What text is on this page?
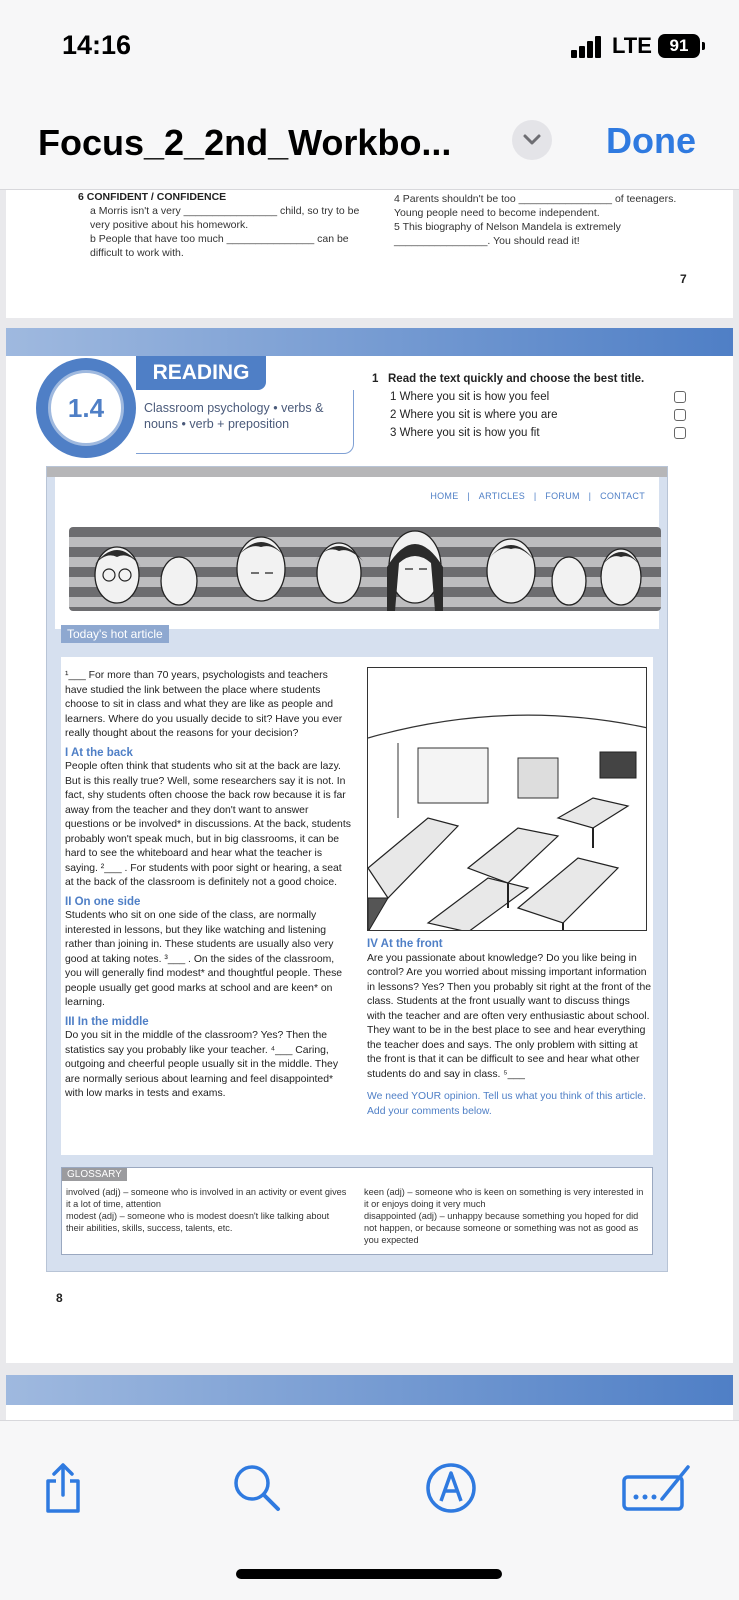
14:16	LTE	91
Focus_2_2nd_Workbo...	Done
6 CONFIDENT / CONFIDENCE
a Morris isn't a very ________________ child, so try to be very positive about his homework.
b People that have too much _______________ can be difficult to work with.
4 Parents shouldn't be too ________________ of teenagers. Young people need to become independent.
5 This biography of Nelson Mandela is extremely ________________. You should read it!
7
1.4
READING
Classroom psychology • verbs & nouns • verb + preposition
1 Read the text quickly and choose the best title.
1 Where you sit is how you feel
2 Where you sit is where you are
3 Where you sit is how you fit
HOME | ARTICLES | FORUM | CONTACT
Today's hot article
¹___ For more than 70 years, psychologists and teachers have studied the link between the place where students choose to sit in class and what they are like as people and learners. Where do you usually decide to sit? Have you ever really thought about the reasons for your decision?
I At the back
People often think that students who sit at the back are lazy. But is this really true? Well, some researchers say it is not. In fact, shy students often choose the back row because it is far away from the teacher and they don't want to answer questions or be involved* in discussions. At the back, students probably won't speak much, but in big classrooms, it can be hard to see the whiteboard and hear what the teacher is saying. ²___ . For students with poor sight or hearing, a seat at the back of the classroom is definitely not a good choice.
II On one side
Students who sit on one side of the class, are normally interested in lessons, but they like watching and listening rather than joining in. These students are usually also very good at taking notes. ³___ . On the sides of the classroom, you will generally find modest* and thoughtful people. These people usually get good marks at school and are keen* on learning.
III In the middle
Do you sit in the middle of the classroom? Yes? Then the statistics say you probably like your teacher. ⁴___ Caring, outgoing and cheerful people usually sit in the middle. They are normally serious about learning and feel disappointed* with low marks in tests and exams.
IV At the front
Are you passionate about knowledge? Do you like being in control? Are you worried about missing important information in lessons? Yes? Then you probably sit right at the front of the class. Students at the front usually want to discuss things with the teacher and are often very enthusiastic about school. They want to be in the best place to see and hear everything the teacher does and says. The only problem with sitting at the front is that it can be difficult to see and hear what other students do and say in class. ⁵___
We need YOUR opinion. Tell us what you think of this article. Add your comments below.
GLOSSARY
involved (adj) – someone who is involved in an activity or event gives it a lot of time, attention
modest (adj) – someone who is modest doesn't like talking about their abilities, skills, success, talents, etc.
keen (adj) – someone who is keen on something is very interested in it or enjoys doing it very much
disappointed (adj) – unhappy because something you hoped for did not happen, or because someone or something was not as good as you expected
8
